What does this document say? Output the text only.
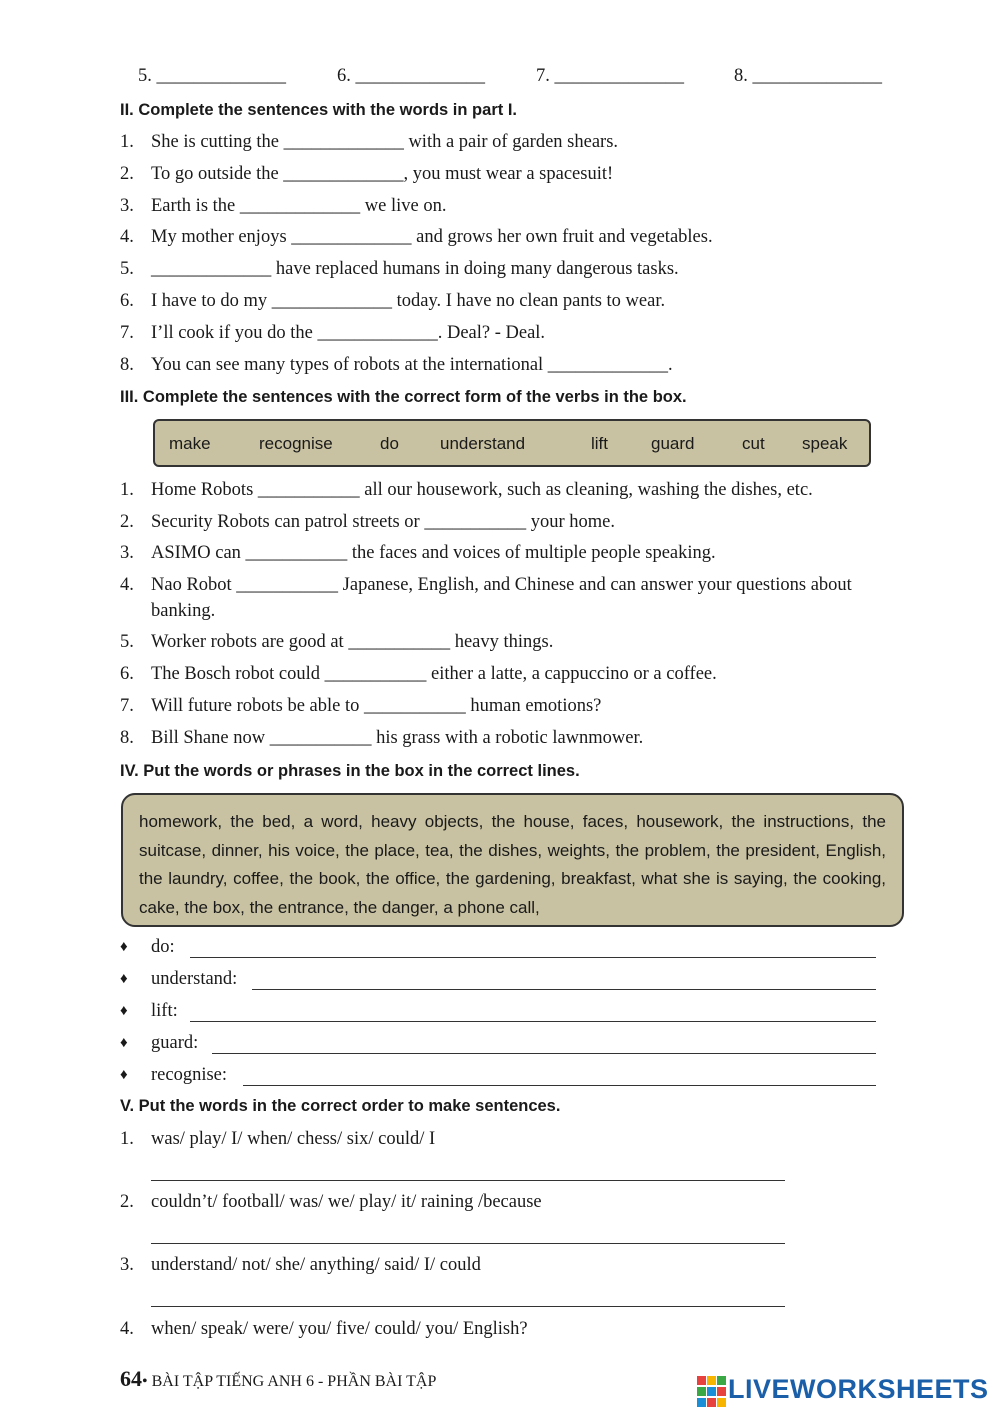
5. ______________	6. ______________	7. ______________	8. ______________
II. Complete the sentences with the words in part I.
1. She is cutting the _____________ with a pair of garden shears.
2. To go outside the _____________, you must wear a spacesuit!
3. Earth is the _____________ we live on.
4. My mother enjoys _____________ and grows her own fruit and vegetables.
5. _____________ have replaced humans in doing many dangerous tasks.
6. I have to do my _____________ today. I have no clean pants to wear.
7. I’ll cook if you do the _____________. Deal? - Deal.
8. You can see many types of robots at the international _____________.
III. Complete the sentences with the correct form of the verbs in the box.
make	recognise	do understand	lift	guard	cut speak
1. Home Robots ___________ all our housework, such as cleaning, washing the dishes, etc.
2. Security Robots can patrol streets or ___________ your home.
3. ASIMO can ___________ the faces and voices of multiple people speaking.
4. Nao Robot ___________ Japanese, English, and Chinese and can answer your questions about
banking.
5. Worker robots are good at ___________ heavy things.
6. The Bosch robot could ___________ either a latte, a cappuccino or a coffee.
7. Will future robots be able to ___________ human emotions?
8. Bill Shane now ___________ his grass with a robotic lawnmower.
IV. Put the words or phrases in the box in the correct lines.
homework, the bed, a word, heavy objects, the house, faces, housework, the instructions, the suitcase, dinner, his voice, the place, tea, the dishes, weights, the problem, the president, English, the laundry, coffee, the book, the office, the gardening, breakfast, what she is saying, the cooking, cake, the box, the entrance, the danger, a phone call,
♦ do:
♦ understand:
♦ lift:
♦ guard:
♦ recognise:
V. Put the words in the correct order to make sentences.
1. was/ play/ I/ when/ chess/ six/ could/ I
2. couldn’t/ football/ was/ we/ play/ it/ raining /because
3. understand/ not/ she/ anything/ said/ I/ could
4. when/ speak/ were/ you/ five/ could/ you/ English?
64• BÀI TẬP TIẾNG ANH 6 - PHẦN BÀI TẬP	LIVEWORKSHEETS
